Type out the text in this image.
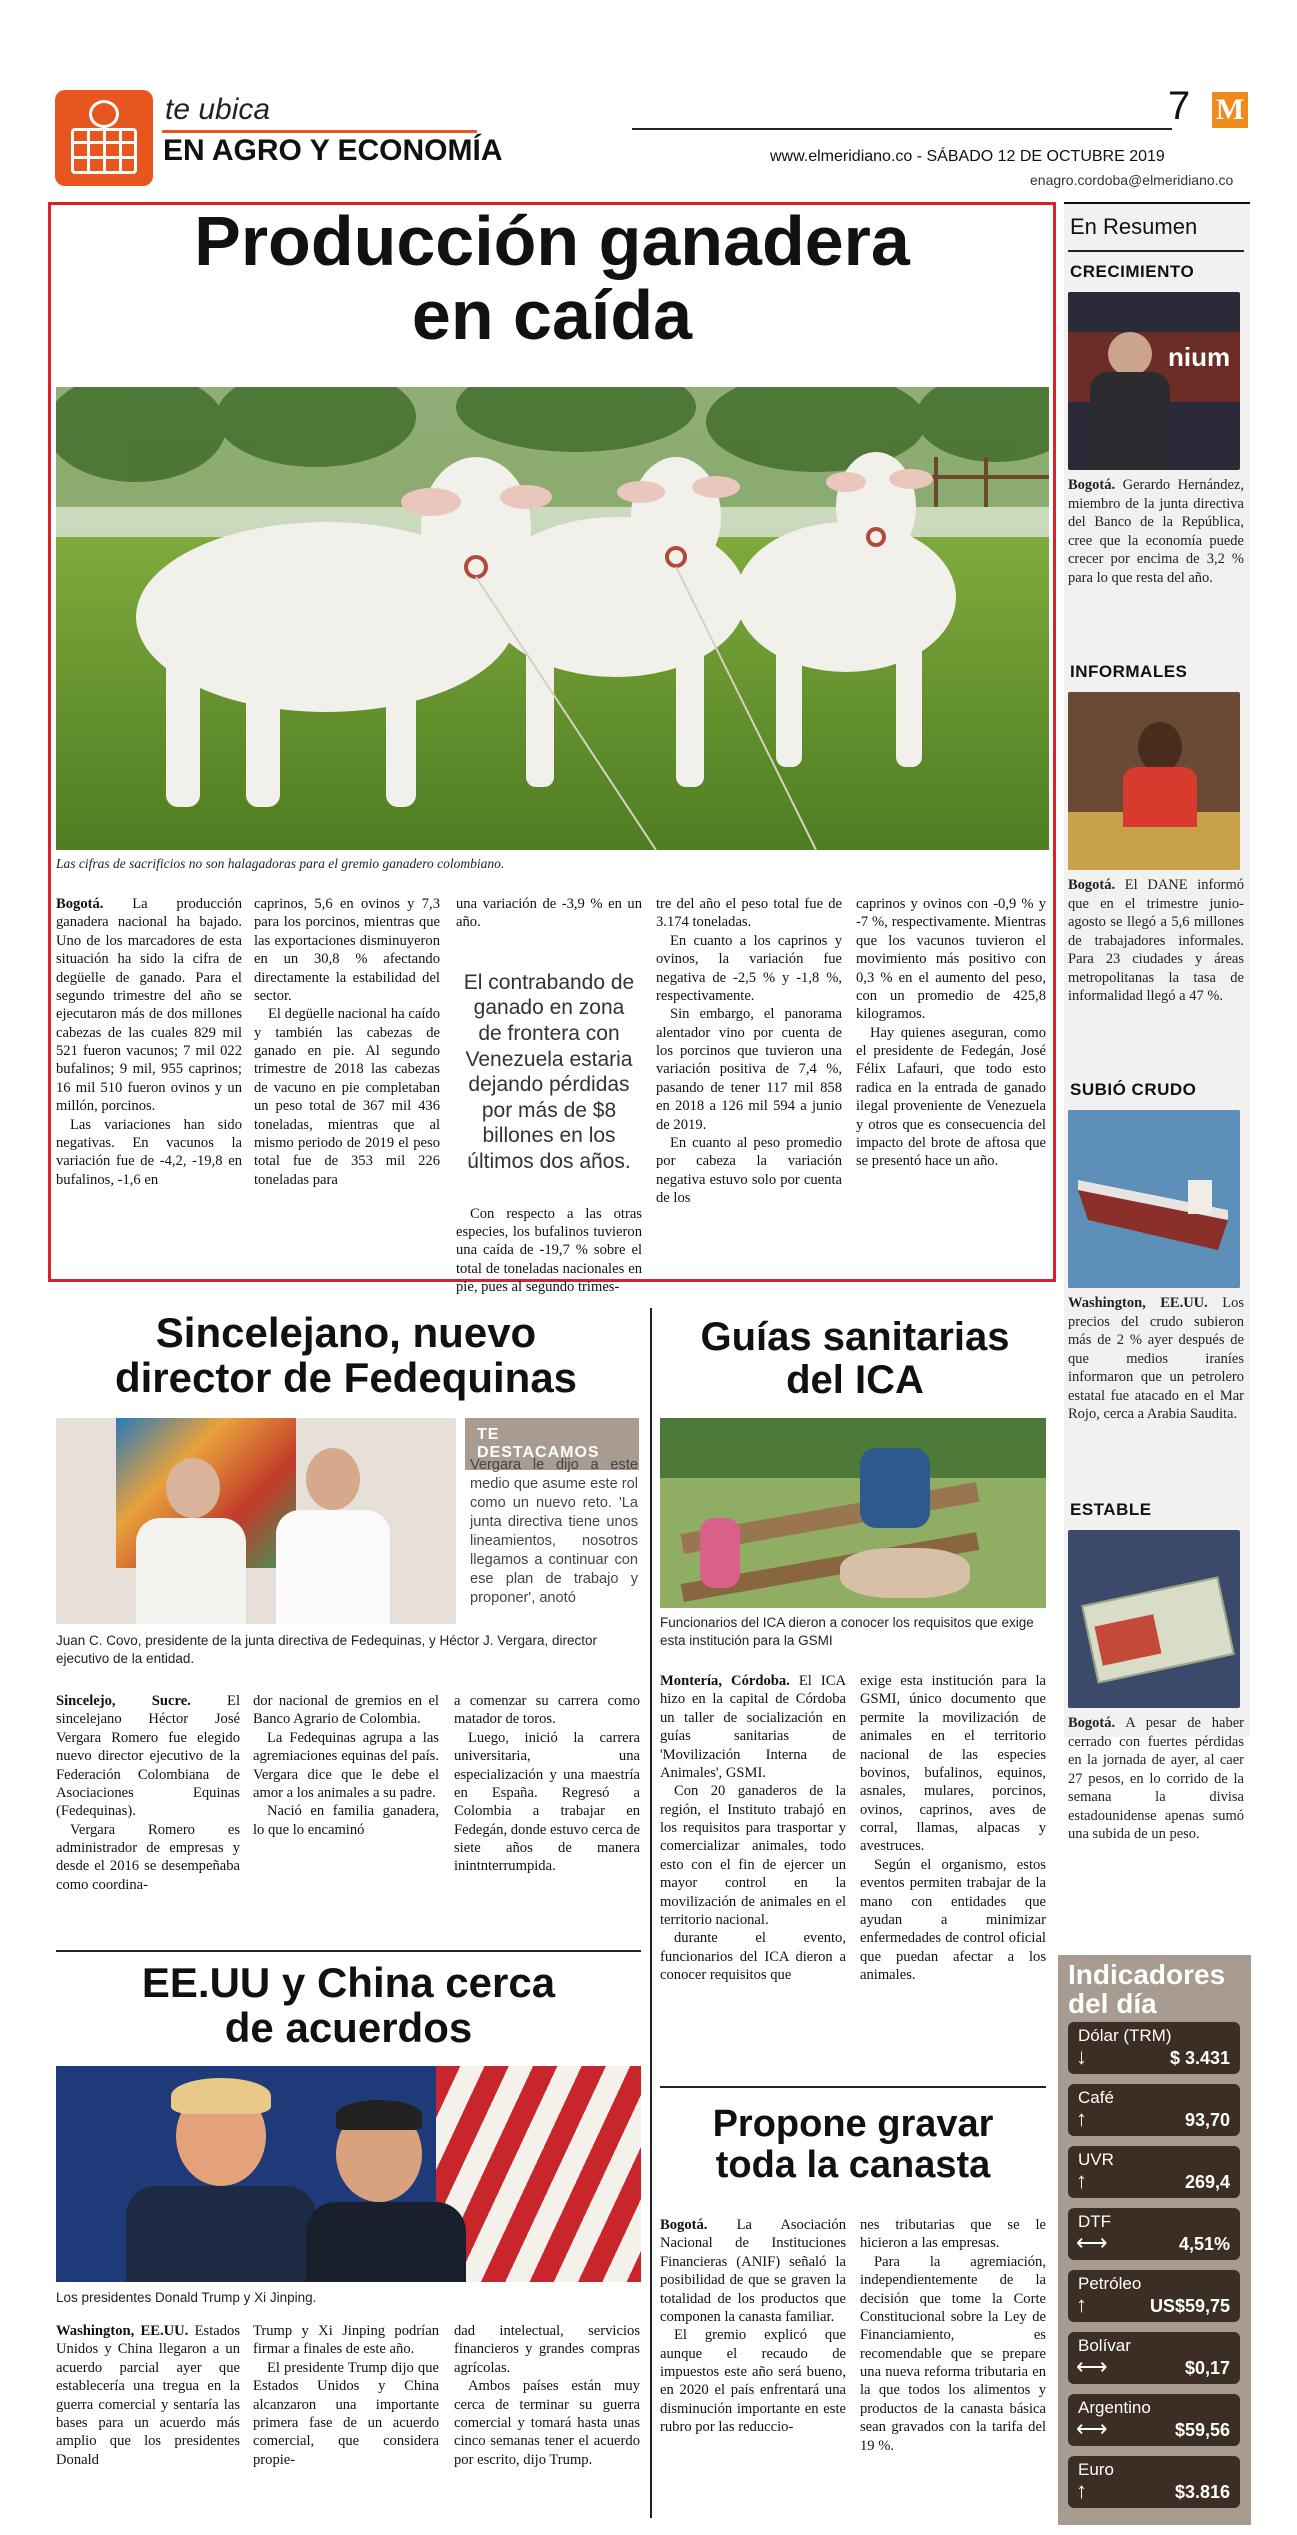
te ubica
EN AGRO Y ECONOMÍA
7 M
www.elmeridiano.co - SÁBADO 12 DE OCTUBRE 2019
enagro.cordoba@elmeridiano.co
Producción ganadera
en caída
Las cifras de sacrificios no son halagadoras para el gremio ganadero colombiano.

Bogotá. La producción ganadera nacional ha bajado. Uno de los marcadores de esta situación ha sido la cifra de degüelle de ganado. Para el segundo trimestre del año se ejecutaron más de dos millones cabezas de las cuales 829 mil 521 fueron vacunos; 7 mil 022 bufalinos; 9 mil, 955 caprinos; 16 mil 510 fueron ovinos y un millón, porcinos.

Las variaciones han sido negativas. En vacunos la variación fue de -4,2, -19,8 en bufalinos, -1,6 en

caprinos, 5,6 en ovinos y 7,3 para los porcinos, mientras que las exportaciones disminuyeron en un 30,8 % afectando directamente la estabilidad del sector.

El degüelle nacional ha caído y también las cabezas de ganado en pie. Al segundo trimestre de 2018 las cabezas de vacuno en pie completaban un peso total de 367 mil 436 toneladas, mientras que al mismo periodo de 2019 el peso total fue de 353 mil 226 toneladas para

una variación de -3,9 % en un año.

El contrabando de ganado en zona de frontera con Venezuela estaria dejando pérdidas por más de $8 billones en los últimos dos años.

Con respecto a las otras especies, los bufalinos tuvieron una caída de -19,7 % sobre el total de toneladas nacionales en pie, pues al segundo trimes-

tre del año el peso total fue de 3.174 toneladas.

En cuanto a los caprinos y ovinos, la variación fue negativa de -2,5 % y -1,8 %, respectivamente.

Sin embargo, el panorama alentador vino por cuenta de los porcinos que tuvieron una variación positiva de 7,4 %, pasando de tener 117 mil 858 en 2018 a 126 mil 594 a junio de 2019.

En cuanto al peso promedio por cabeza la variación negativa estuvo solo por cuenta de los

caprinos y ovinos con -0,9 % y -7 %, respectivamente. Mientras que los vacunos tuvieron el movimiento más positivo con 0,3 % en el aumento del peso, con un promedio de 425,8 kilogramos.

Hay quienes aseguran, como el presidente de Fedegán, José Félix Lafauri, que todo esto radica en la entrada de ganado ilegal proveniente de Venezuela y otros que es consecuencia del impacto del brote de aftosa que se presentó hace un año.

En Resumen
CRECIMIENTO
nium
Bogotá. Gerardo Hernández, miembro de la junta directiva del Banco de la República, cree que la economía puede crecer por encima de 3,2 % para lo que resta del año.
INFORMALES
Bogotá. El DANE informó que en el trimestre junio-agosto se llegó a 5,6 millones de trabajadores informales. Para 23 ciudades y áreas metropolitanas la tasa de informalidad llegó a 47 %.
SUBIÓ CRUDO
Washington, EE.UU. Los precios del crudo subieron más de 2 % ayer después de que medios iraníes informaron que un petrolero estatal fue atacado en el Mar Rojo, cerca a Arabia Saudita.
ESTABLE
Bogotá. A pesar de haber cerrado con fuertes pérdidas en la jornada de ayer, al caer 27 pesos, en lo corrido de la semana la divisa estadounidense apenas sumó una subida de un peso.
Indicadores
del día
Dólar (TRM)
↓	$ 3.431
Café
↑	93,70
UVR
↑	269,4
DTF
⟷	4,51%
Petróleo
↑	US$59,75
Bolívar
⟷	$0,17
Argentino
⟷	$59,56
Euro
↑	$3.816
Sincelejano, nuevo
director de Fedequinas
TE DESTACAMOS
Vergara le dijo a este medio que asume este rol como un nuevo reto. 'La junta directiva tiene unos lineamientos, nosotros llegamos a continuar con ese plan de trabajo y proponer', anotó
Juan C. Covo, presidente de la junta directiva de Fedequinas, y Héctor J. Vergara, director ejecutivo de la entidad.

Sincelejo, Sucre. El sincelejano Héctor José Vergara Romero fue elegido nuevo director ejecutivo de la Federación Colombiana de Asociaciones Equinas (Fedequinas).

Vergara Romero es administrador de empresas y desde el 2016 se desempeñaba como coordina-

dor nacional de gremios en el Banco Agrario de Colombia.

La Fedequinas agrupa a las agremiaciones equinas del país. Vergara dice que le debe el amor a los animales a su padre.

Nació en familia ganadera, lo que lo encaminó

a comenzar su carrera como matador de toros.

Luego, inició la carrera universitaria, una especialización y una maestría en España. Regresó a Colombia a trabajar en Fedegán, donde estuvo cerca de siete años de manera inintnterrumpida.

Guías sanitarias
del ICA
Funcionarios del ICA dieron a conocer los requisitos que exige esta institución para la GSMI

Montería, Córdoba. El ICA hizo en la capital de Córdoba un taller de socialización en guías sanitarias de 'Movilización Interna de Animales', GSMI.

Con 20 ganaderos de la región, el Instituto trabajó en los requisitos para trasportar y comercializar animales, todo esto con el fin de ejercer un mayor control en la movilización de animales en el territorio nacional.

durante el evento, funcionarios del ICA dieron a conocer requisitos que

exige esta institución para la GSMI, único documento que permite la movilización de animales en el territorio nacional de las especies bovinos, bufalinos, equinos, asnales, mulares, porcinos, ovinos, caprinos, aves de corral, llamas, alpacas y avestruces.

Según el organismo, estos eventos permiten trabajar de la mano con entidades que ayudan a minimizar enfermedades de control oficial que puedan afectar a los animales.

EE.UU y China cerca
de acuerdos
Los presidentes Donald Trump y Xi Jinping.

Washington, EE.UU. Estados Unidos y China llegaron a un acuerdo parcial ayer que establecería una tregua en la guerra comercial y sentaría las bases para un acuerdo más amplio que los presidentes Donald

Trump y Xi Jinping podrían firmar a finales de este año.

El presidente Trump dijo que Estados Unidos y China alcanzaron una importante primera fase de un acuerdo comercial, que considera propie-

dad intelectual, servicios financieros y grandes compras agrícolas.

Ambos países están muy cerca de terminar su guerra comercial y tomará hasta unas cinco semanas tener el acuerdo por escrito, dijo Trump.

Propone gravar
toda la canasta

Bogotá. La Asociación Nacional de Instituciones Financieras (ANIF) señaló la posibilidad de que se graven la totalidad de los productos que componen la canasta familiar.

El gremio explicó que aunque el recaudo de impuestos este año será bueno, en 2020 el país enfrentará una disminución importante en este rubro por las reduccio-

nes tributarias que se le hicieron a las empresas.

Para la agremiación, independientemente de la decisión que tome la Corte Constitucional sobre la Ley de Financiamiento, es recomendable que se prepare una nueva reforma tributaria en la que todos los alimentos y productos de la canasta básica sean gravados con la tarifa del 19 %.
